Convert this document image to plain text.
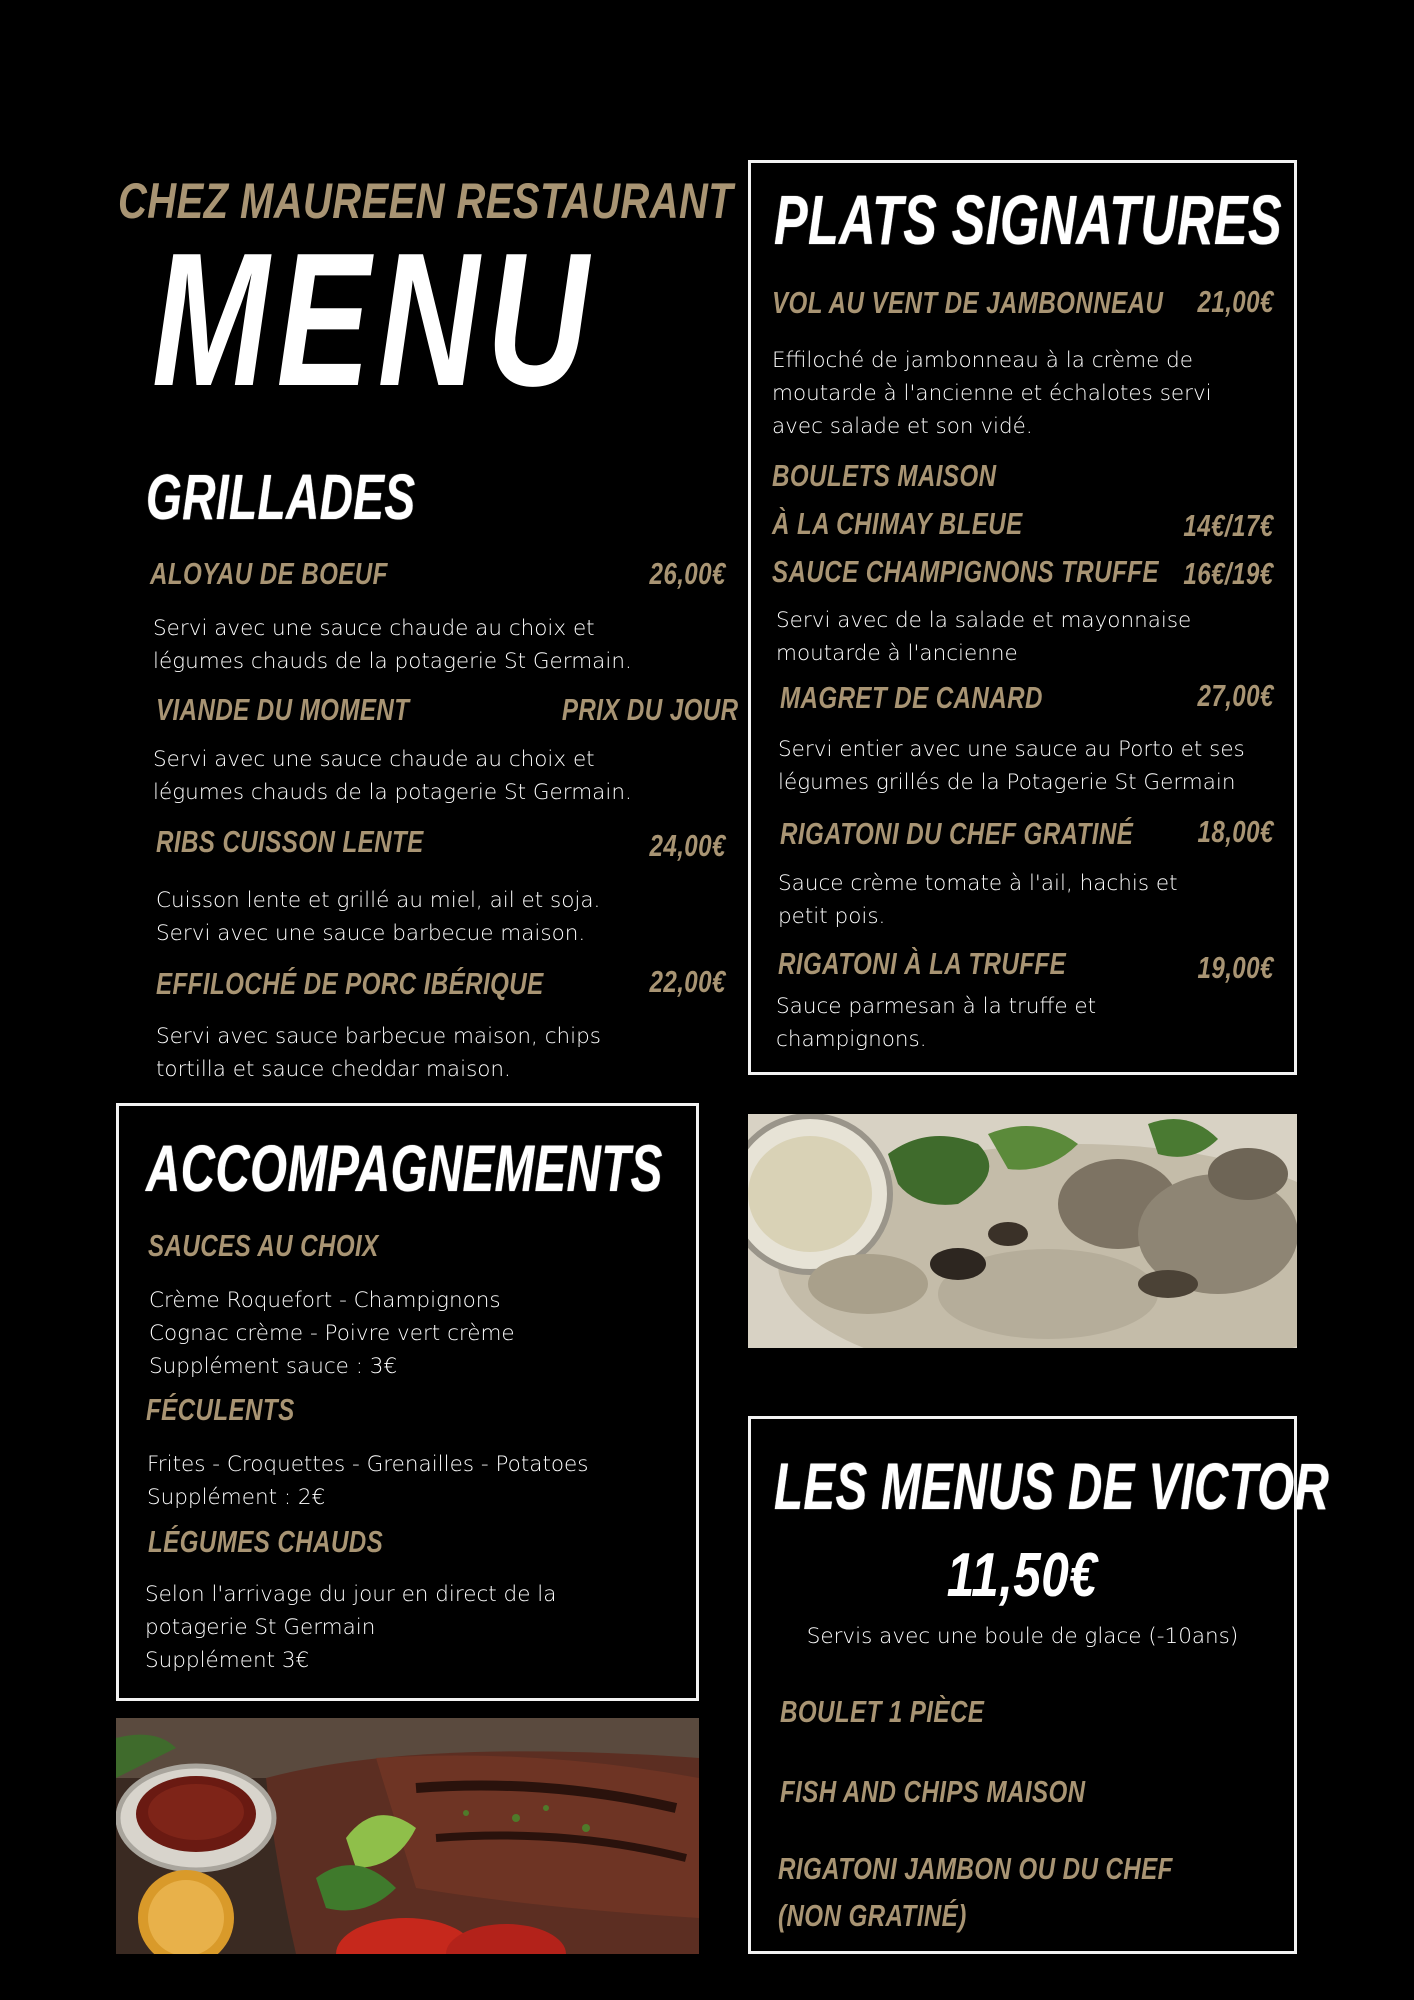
CHEZ MAUREEN RESTAURANT
MENU
GRILLADES
ALOYAU DE BOEUF	26,00€
Servi avec une sauce chaude au choix et
légumes chauds de la potagerie St Germain.
VIANDE DU MOMENT	PRIX DU JOUR
Servi avec une sauce chaude au choix et
légumes chauds de la potagerie St Germain.
RIBS CUISSON LENTE	24,00€
Cuisson lente et grillé au miel, ail et soja.
Servi avec une sauce barbecue maison.
EFFILOCHÉ DE PORC IBÉRIQUE	22,00€
Servi avec sauce barbecue maison, chips
tortilla et sauce cheddar maison.
PLATS SIGNATURES
VOL AU VENT DE JAMBONNEAU	21,00€
Effiloché de jambonneau à la crème de
moutarde à l'ancienne et échalotes servi
avec salade et son vidé.
BOULETS MAISON
À LA CHIMAY BLEUE	14€/17€
SAUCE CHAMPIGNONS TRUFFE 16€/19€
Servi avec de la salade et mayonnaise
moutarde à l'ancienne
MAGRET DE CANARD	27,00€
Servi entier avec une sauce au Porto et ses
légumes grillés de la Potagerie St Germain
RIGATONI DU CHEF GRATINÉ	18,00€
Sauce crème tomate à l'ail, hachis et
petit pois.
RIGATONI À LA TRUFFE	19,00€
Sauce parmesan à la truffe et
champignons.
ACCOMPAGNEMENTS
SAUCES AU CHOIX
Crème Roquefort - Champignons
Cognac crème - Poivre vert crème
Supplément sauce : 3€
FÉCULENTS
Frites - Croquettes - Grenailles - Potatoes
Supplément : 2€
LÉGUMES CHAUDS
Selon l'arrivage du jour en direct de la
potagerie St Germain
Supplément 3€
LES MENUS DE VICTOR
11,50€
Servis avec une boule de glace (-10ans)
BOULET 1 PIÈCE
FISH AND CHIPS MAISON
RIGATONI JAMBON OU DU CHEF
(NON GRATINÉ)
